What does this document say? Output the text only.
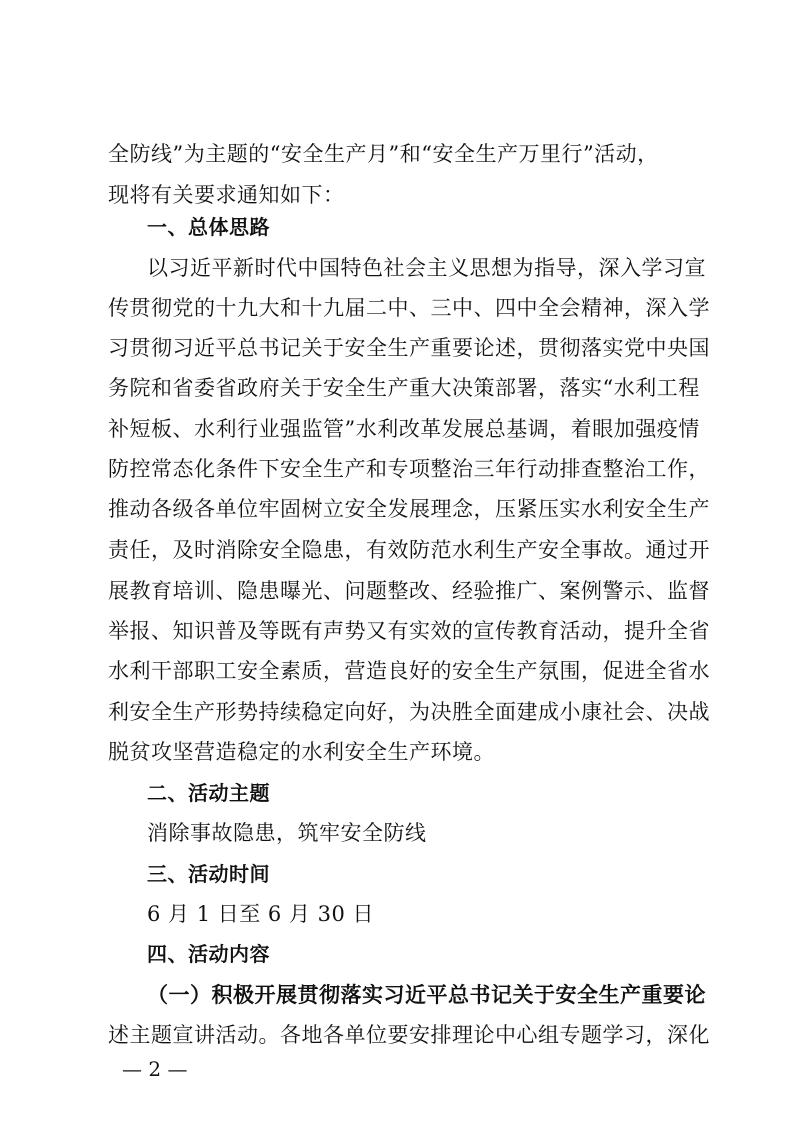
全防线”为主题的“安全生产月”和“安全生产万里行”活动，
现将有关要求通知如下：
一、总体思路
以习近平新时代中国特色社会主义思想为指导，深入学习宣
传贯彻党的十九大和十九届二中、三中、四中全会精神，深入学
习贯彻习近平总书记关于安全生产重要论述，贯彻落实党中央国
务院和省委省政府关于安全生产重大决策部署，落实“水利工程
补短板、水利行业强监管”水利改革发展总基调，着眼加强疫情
防控常态化条件下安全生产和专项整治三年行动排查整治工作，
推动各级各单位牢固树立安全发展理念，压紧压实水利安全生产
责任，及时消除安全隐患，有效防范水利生产安全事故。通过开
展教育培训、隐患曝光、问题整改、经验推广、案例警示、监督
举报、知识普及等既有声势又有实效的宣传教育活动，提升全省
水利干部职工安全素质，营造良好的安全生产氛围，促进全省水
利安全生产形势持续稳定向好，为决胜全面建成小康社会、决战
脱贫攻坚营造稳定的水利安全生产环境。
二、活动主题
消除事故隐患，筑牢安全防线
三、活动时间
6 月 1 日至 6 月 30 日
四、活动内容
（一）积极开展贯彻落实习近平总书记关于安全生产重要论
述主题宣讲活动。各地各单位要安排理论中心组专题学习，深化
— 2 —
